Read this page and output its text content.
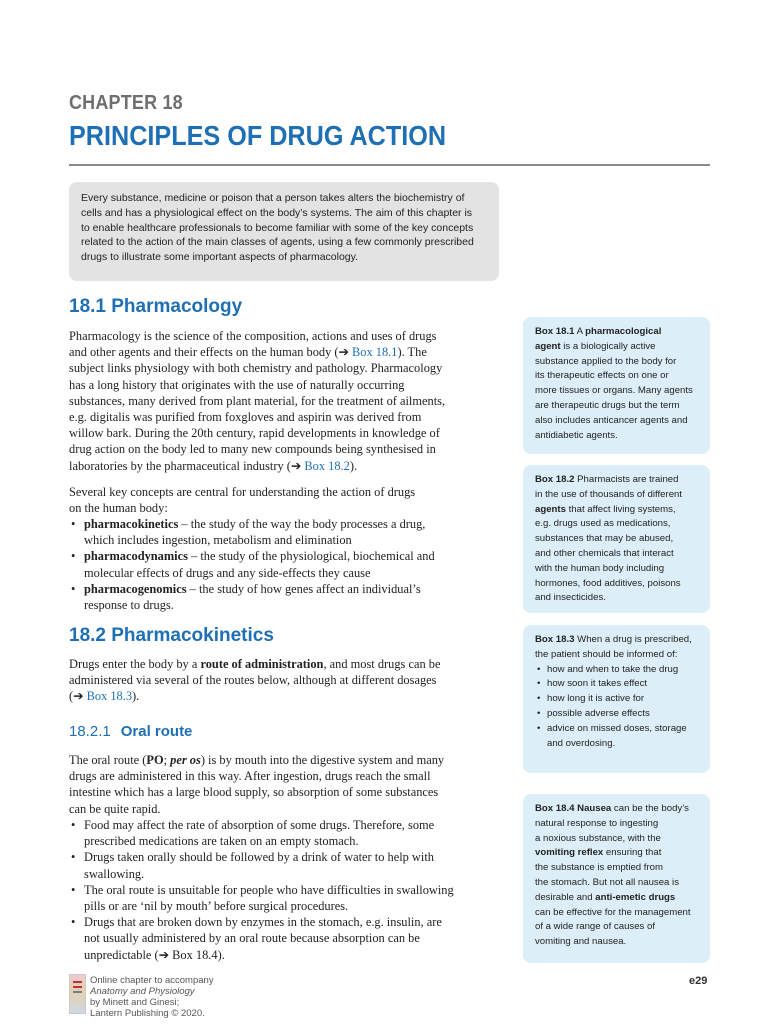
CHAPTER 18
PRINCIPLES OF DRUG ACTION

Every substance, medicine or poison that a person takes alters the biochemistry of
cells and has a physiological effect on the body’s systems. The aim of this chapter is
to enable healthcare professionals to become familiar with some of the key concepts
related to the action of the main classes of agents, using a few commonly prescribed
drugs to illustrate some important aspects of pharmacology.

18.1 Pharmacology

Pharmacology is the science of the composition, actions and uses of drugs
and other agents and their effects on the human body (➔ Box 18.1). The
subject links physiology with both chemistry and pathology. Pharmacology
has a long history that originates with the use of naturally occurring
substances, many derived from plant material, for the treatment of ailments,
e.g. digitalis was purified from foxgloves and aspirin was derived from
willow bark. During the 20th century, rapid developments in knowledge of
drug action on the body led to many new compounds being synthesised in
laboratories by the pharmaceutical industry (➔ Box 18.2).

Several key concepts are central for understanding the action of drugs
on the human body:

• pharmacokinetics – the study of the way the body processes a drug,
which includes ingestion, metabolism and elimination
• pharmacodynamics – the study of the physiological, biochemical and
molecular effects of drugs and any side-effects they cause
• pharmacogenomics – the study of how genes affect an individual’s
response to drugs.
18.2 Pharmacokinetics

Drugs enter the body by a route of administration, and most drugs can be
administered via several of the routes below, although at different dosages
(➔ Box 18.3).

18.2.1 Oral route

The oral route (PO; per os) is by mouth into the digestive system and many
drugs are administered in this way. After ingestion, drugs reach the small
intestine which has a large blood supply, so absorption of some substances
can be quite rapid.

• Food may affect the rate of absorption of some drugs. Therefore, some
prescribed medications are taken on an empty stomach.
• Drugs taken orally should be followed by a drink of water to help with
swallowing.
• The oral route is unsuitable for people who have difficulties in swallowing
pills or are ‘nil by mouth’ before surgical procedures.
• Drugs that are broken down by enzymes in the stomach, e.g. insulin, are
not usually administered by an oral route because absorption can be
unpredictable (➔ Box 18.4).
Box 18.1 A pharmacological
agent is a biologically active
substance applied to the body for
its therapeutic effects on one or
more tissues or organs. Many agents
are therapeutic drugs but the term
also includes anticancer agents and
antidiabetic agents.
Box 18.2 Pharmacists are trained
in the use of thousands of different
agents that affect living systems,
e.g. drugs used as medications,
substances that may be abused,
and other chemicals that interact
with the human body including
hormones, food additives, poisons
and insecticides.
Box 18.3 When a drug is prescribed,
the patient should be informed of:
• how and when to take the drug
• how soon it takes effect
• how long it is active for
• possible adverse effects
• advice on missed doses, storage
and overdosing.
Box 18.4 Nausea can be the body’s
natural response to ingesting
a noxious substance, with the
vomiting reflex ensuring that
the substance is emptied from
the stomach. But not all nausea is
desirable and anti-emetic drugs
can be effective for the management
of a wide range of causes of
vomiting and nausea.
Online chapter to accompany
Anatomy and Physiology
by Minett and Ginesi;
Lantern Publishing © 2020.
e29
